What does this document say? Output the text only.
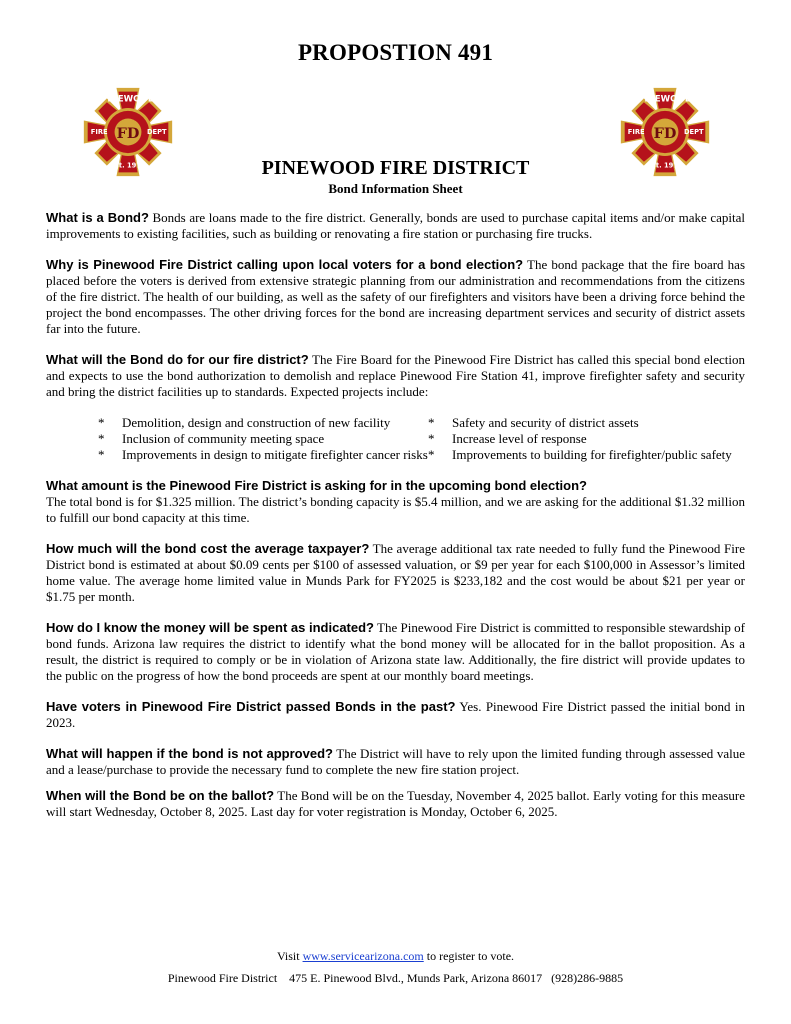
PROPOSTION 491
FD
PINEWOOD
FIRE	DEPT
Est. 1973
FD
PINEWOOD
FIRE	DEPT
Est. 1973
PINEWOOD FIRE DISTRICT
Bond Information Sheet

What is a Bond? Bonds are loans made to the fire district. Generally, bonds are used to purchase capital items and/or make capital improvements to existing facilities, such as building or renovating a fire station or purchasing fire trucks.

Why is Pinewood Fire District calling upon local voters for a bond election? The bond package that the fire board has placed before the voters is derived from extensive strategic planning from our administration and recommendations from the citizens of the fire district. The health of our building, as well as the safety of our firefighters and visitors have been a driving force behind the project the bond encompasses. The other driving forces for the bond are increasing department services and security of district assets far into the future.

What will the Bond do for our fire district? The Fire Board for the Pinewood Fire District has called this special bond election and expects to use the bond authorization to demolish and replace Pinewood Fire Station 41, improve firefighter safety and security and bring the district facilities up to standards. Expected projects include:

*	Demolition, design and construction of new facility	*	Safety and security of district assets
*	Inclusion of community meeting space	*	Increase level of response
*	Improvements in design to mitigate firefighter cancer risks *	Improvements to building for firefighter/public safety

What amount is the Pinewood Fire District is asking for in the upcoming bond election?
The total bond is for $1.325 million. The district’s bonding capacity is $5.4 million, and we are asking for the additional $1.32 million to fulfill our bond capacity at this time.

How much will the bond cost the average taxpayer? The average additional tax rate needed to fully fund the Pinewood Fire District bond is estimated at about $0.09 cents per $100 of assessed valuation, or $9 per year for each $100,000 in Assessor’s limited home value. The average home limited value in Munds Park for FY2025 is $233,182 and the cost would be about $21 per year or $1.75 per month.

How do I know the money will be spent as indicated? The Pinewood Fire District is committed to responsible stewardship of bond funds. Arizona law requires the district to identify what the bond money will be allocated for in the ballot proposition. As a result, the district is required to comply or be in violation of Arizona state law. Additionally, the fire district will provide updates to the public on the progress of how the bond proceeds are spent at our monthly board meetings.

Have voters in Pinewood Fire District passed Bonds in the past? Yes. Pinewood Fire District passed the initial bond in 2023.

What will happen if the bond is not approved? The District will have to rely upon the limited funding through assessed value and a lease/purchase to provide the necessary fund to complete the new fire station project.

When will the Bond be on the ballot? The Bond will be on the Tuesday, November 4, 2025 ballot. Early voting for this measure will start Wednesday, October 8, 2025. Last day for voter registration is Monday, October 6, 2025.

Visit www.servicearizona.com to register to vote.
Pinewood Fire District    475 E. Pinewood Blvd., Munds Park, Arizona 86017   (928)286-9885
